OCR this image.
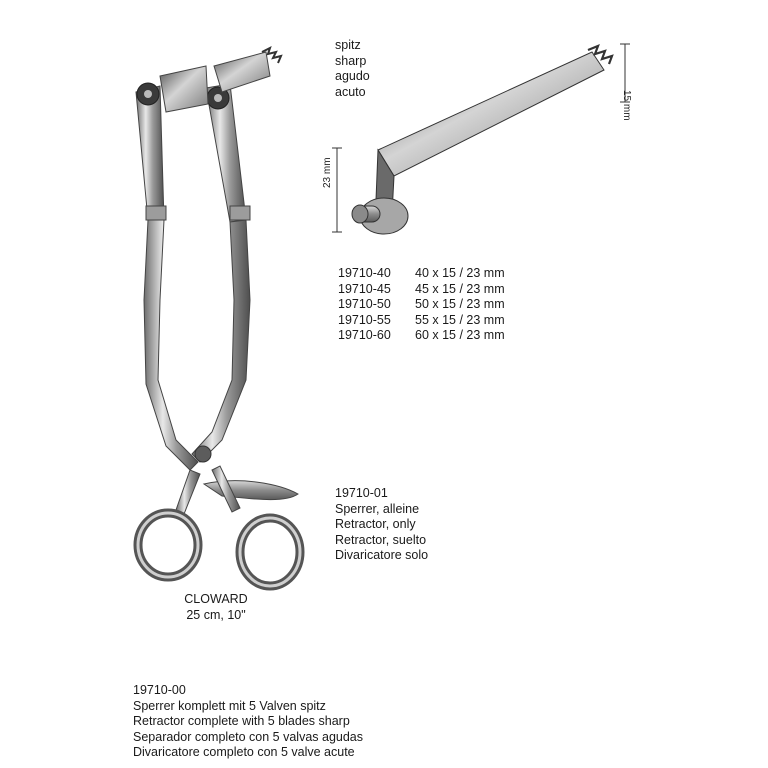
23 mm
15 mm
spitz
sharp
agudo
acuto
19710-40	40 x 15 / 23 mm
19710-45	45 x 15 / 23 mm
19710-50	50 x 15 / 23 mm
19710-55	55 x 15 / 23 mm
19710-60	60 x 15 / 23 mm
19710-01
Sperrer, alleine
Retractor, only
Retractor, suelto
Divaricatore solo
CLOWARD
25 cm, 10"
19710-00
Sperrer komplett mit 5 Valven spitz
Retractor complete with 5 blades sharp
Separador completo con 5 valvas agudas
Divaricatore completo con 5 valve acute
